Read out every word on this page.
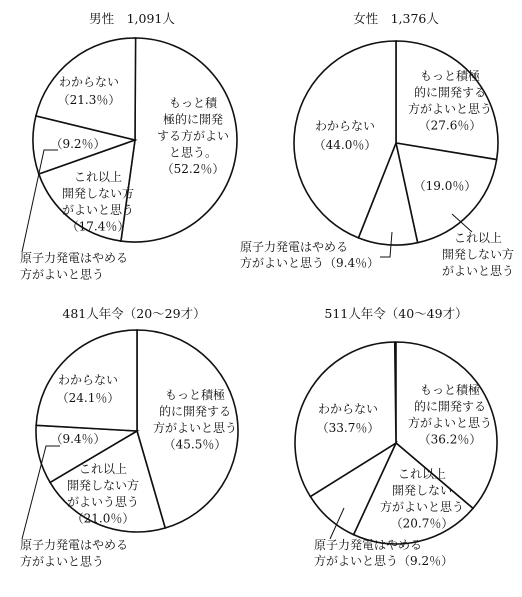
男性　1,091人	女性　1,376人
481人年令（20～29才）	511人年令（40～49才）
もっと積
極的に開発
する方がよい
と思う。
（52.2％）
これ以上
開発しない方
がよいと思う
（17.4％）
（9.2％）
わからない
（21.3％）
原子力発電はやめる
方がよいと思う
もっと積極
的に開発する
方がよいと思う
（27.6％）
（19.0％）
わからない
（44.0％）
原子力発電はやめる
方がよいと思う（9.4％）
これ以上
開発しない方
がよいと思う
もっと積極
的に開発する
方がよいと思う
（45.5％）
これ以上
開発しない方
がよいう思う
（21.0％）
（9.4％）
わからない
（24.1％）
原子力発電はやめる
方がよいと思う
もっと積極
的に開発する
方がよいと思う
（36.2％）
これ以上
開発しない
方がよいと思う
（20.7％）
わからない
（33.7％）
原子力発電はやめる
方がよいと思う（9.2％）
